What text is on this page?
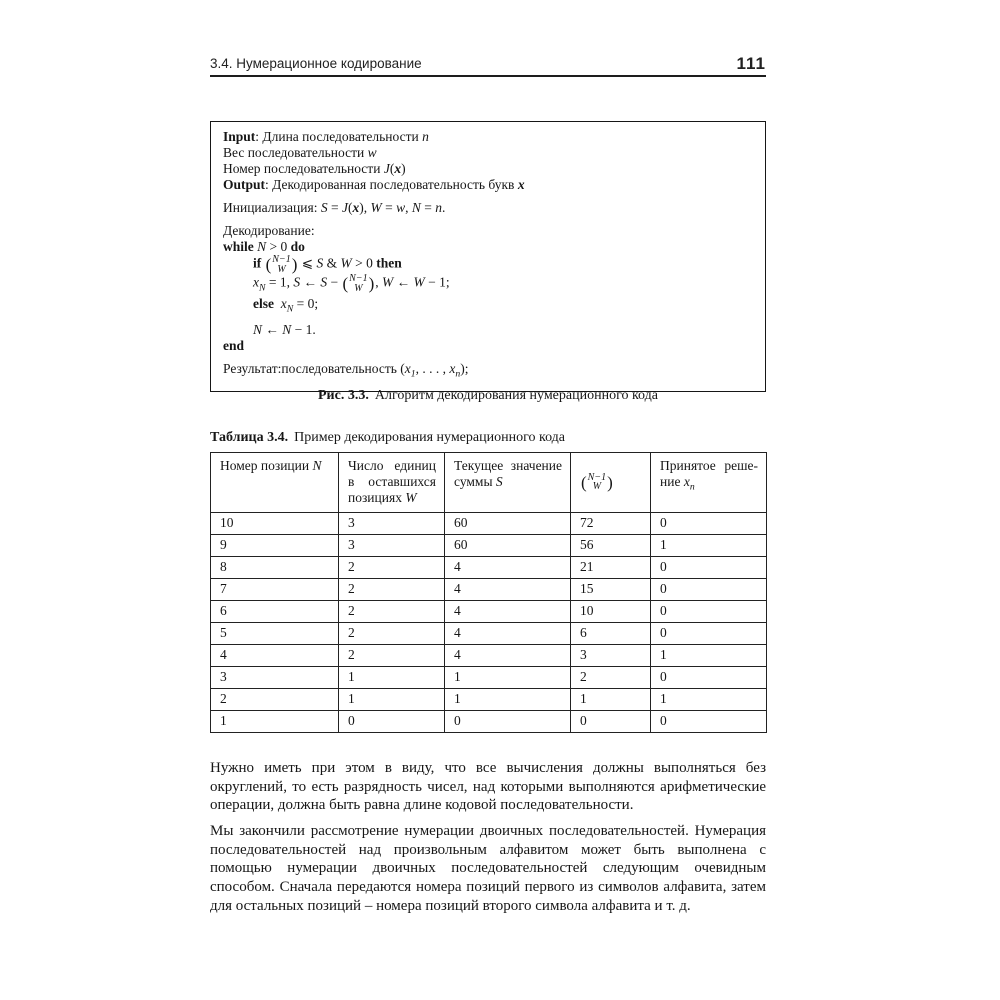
3.4. Нумерационное кодирование	111
Input: Длина последовательности n
Вес последовательности w
Номер последовательности J(x)
Output: Декодированная последовательность букв x
Инициализация: S = J(x), W = w, N = n.
Декодирование:
while N > 0 do
if ( N−1
W ) ⩽ S & W > 0 then
$x_N = 1$, S ← S − ( N−1
W ) , W ← W − 1;
else $x_N = 0$;
N ← N − 1.
end
Результат:последовательность ($x_1$, . . . , $x_n$);
Рис. 3.3. Алгоритм декодирования нумерационного кода
Таблица 3.4. Пример декодирования нумерационного кода
Номер позиции N	Число единиц в оставшихся позициях W	Текущее значение суммы S	( N−1
W )	Принятое решение $x_n$
10	3	60	72	0
9	3	60	56	1
8	2	4	21	0
7	2	4	15	0
6	2	4	10	0
5	2	4	6	0
4	2	4	3	1
3	1	1	2	0
2	1	1	1	1
1	0	0	0	0

Нужно иметь при этом в виду, что все вычисления должны выполняться без округлений, то есть разрядность чисел, над которыми выполняются арифметические операции, должна быть равна длине кодовой последовательности.

Мы закончили рассмотрение нумерации двоичных последовательностей. Нумерация последовательностей над произвольным алфавитом может быть выполнена с помощью нумерации двоичных последовательностей следующим очевидным способом. Сначала передаются номера позиций первого из символов алфавита, затем для остальных позиций – номера позиций второго символа алфавита и т. д.
